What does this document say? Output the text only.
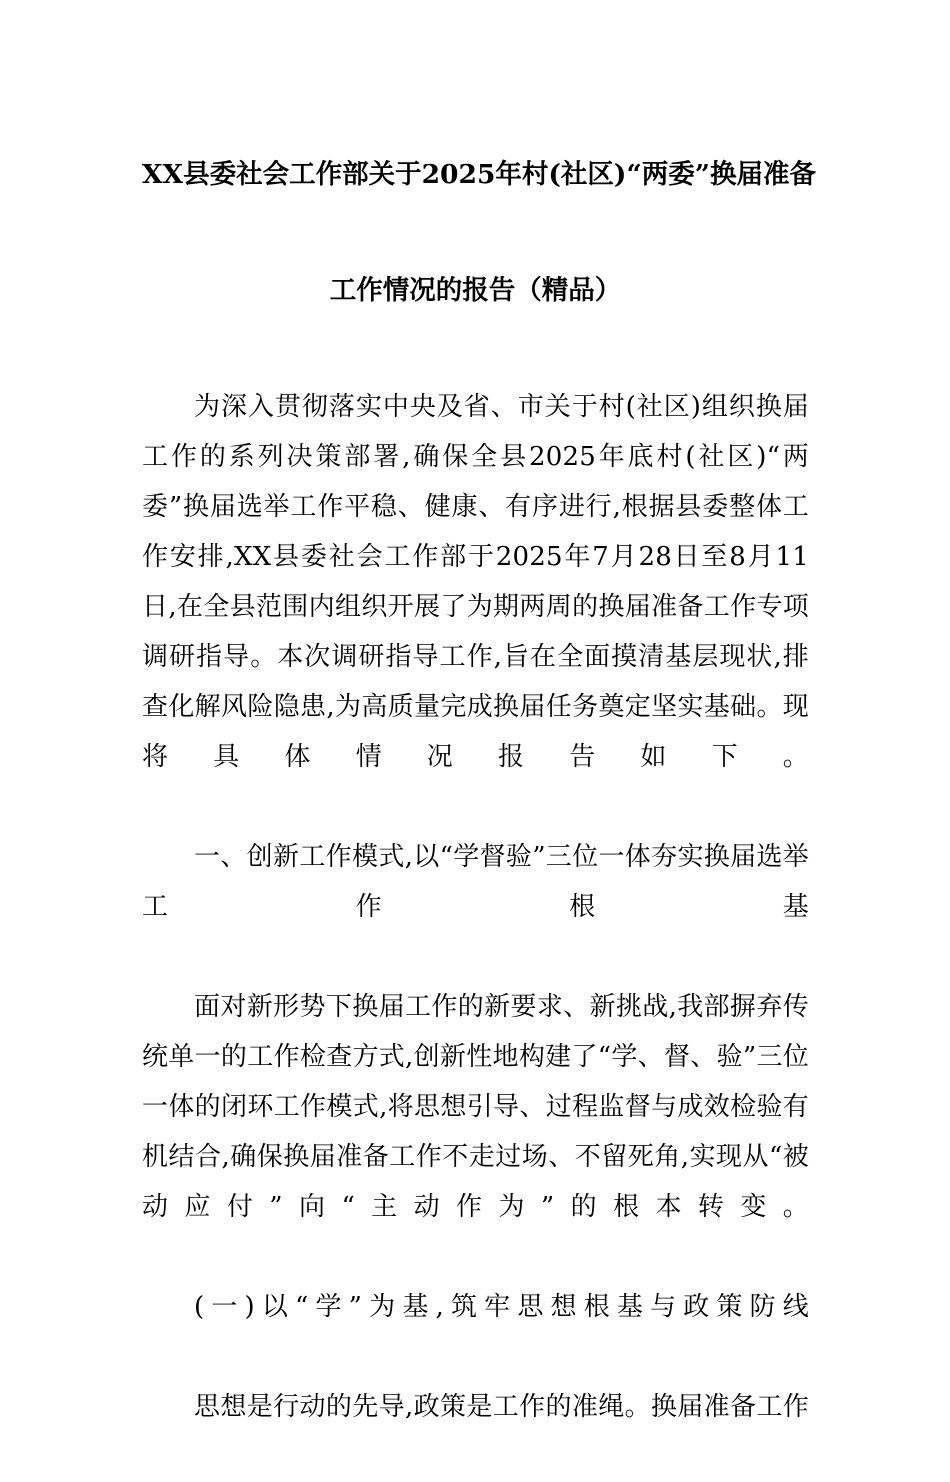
XX县委社会工作部关于2025年村(社区)“两委”换届准备
工作情况的报告（精品）

为深入贯彻落实中央及省、市关于村(社区)组织换届工作的系列决策部署,确保全县2025年底村(社区)“两委”换届选举工作平稳、健康、有序进行,根据县委整体工作安排,XX县委社会工作部于2025年7月28日至8月11日,在全县范围内组织开展了为期两周的换届准备工作专项调研指导。本次调研指导工作,旨在全面摸清基层现状,排查化解风险隐患,为高质量完成换届任务奠定坚实基础。现将具体情况报告如下。

一、创新工作模式,以“学督验”三位一体夯实换届选举工作根基

面对新形势下换届工作的新要求、新挑战,我部摒弃传统单一的工作检查方式,创新性地构建了“学、督、验”三位一体的闭环工作模式,将思想引导、过程监督与成效检验有机结合,确保换届准备工作不走过场、不留死角,实现从“被动应付”向“主动作为”的根本转变。

(一)以“学”为基,筑牢思想根基与政策防线

思想是行动的先导,政策是工作的准绳。换届准备工作
